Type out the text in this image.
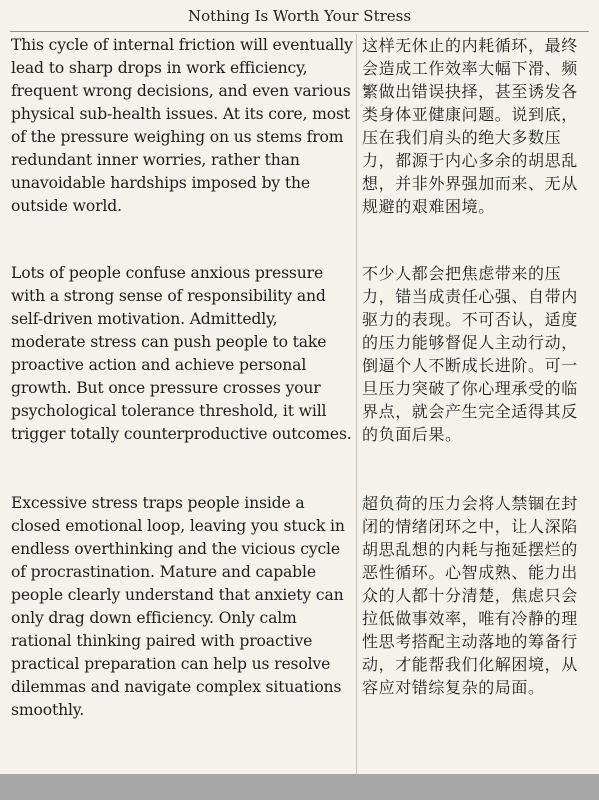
Nothing Is Worth Your Stress

This cycle of internal friction will eventually lead to sharp drops in work efficiency, frequent wrong decisions, and even various physical sub-health issues. At its core, most of the pressure weighing on us stems from redundant inner worries, rather than unavoidable hardships imposed by the outside world.

这样无休止的内耗循环，最终会造成工作效率大幅下滑、频繁做出错误抉择，甚至诱发各类身体亚健康问题。说到底，压在我们肩头的绝大多数压力，都源于内心多余的胡思乱想，并非外界强加而来、无从规避的艰难困境。

Lots of people confuse anxious pressure with a strong sense of responsibility and self-driven motivation. Admittedly, moderate stress can push people to take proactive action and achieve personal growth. But once pressure crosses your psychological tolerance threshold, it will trigger totally counterproductive outcomes.

不少人都会把焦虑带来的压力，错当成责任心强、自带内驱力的表现。不可否认，适度的压力能够督促人主动行动，倒逼个人不断成长进阶。可一旦压力突破了你心理承受的临界点，就会产生完全适得其反的负面后果。

Excessive stress traps people inside a closed emotional loop, leaving you stuck in endless overthinking and the vicious cycle of procrastination. Mature and capable people clearly understand that anxiety can only drag down efficiency. Only calm rational thinking paired with proactive practical preparation can help us resolve dilemmas and navigate complex situations smoothly.

超负荷的压力会将人禁锢在封闭的情绪闭环之中，让人深陷胡思乱想的内耗与拖延摆烂的恶性循环。心智成熟、能力出众的人都十分清楚，焦虑只会拉低做事效率，唯有冷静的理性思考搭配主动落地的筹备行动，才能帮我们化解困境，从容应对错综复杂的局面。
